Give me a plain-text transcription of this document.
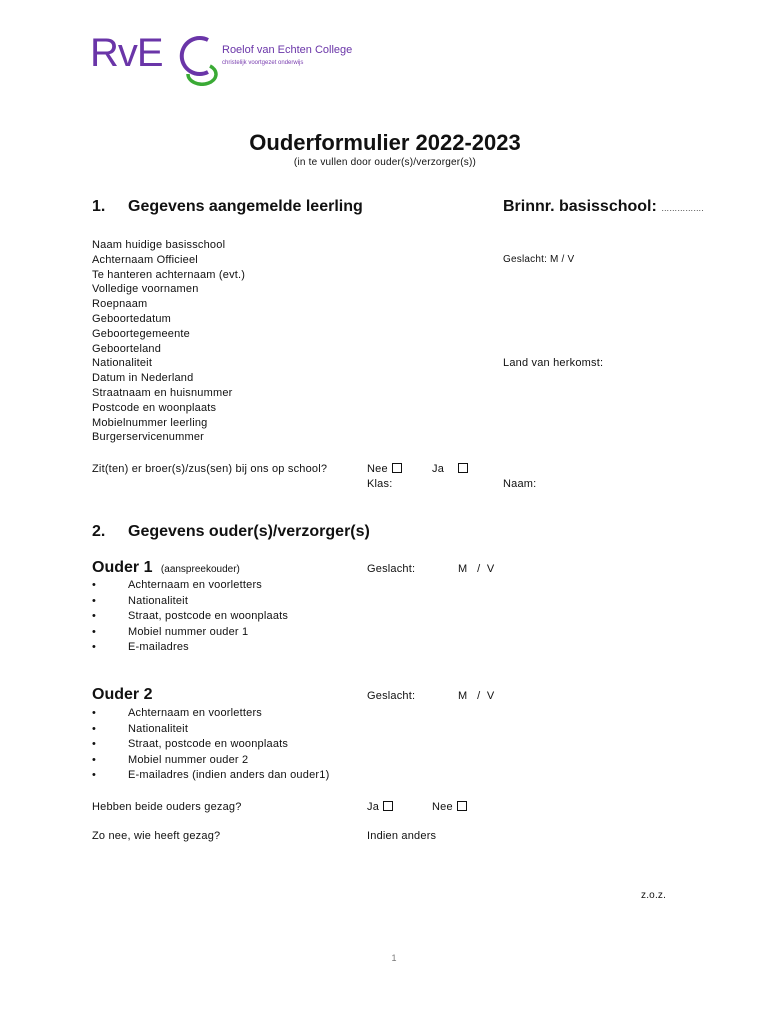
RvE	Roelof van Echten College
christelijk voortgezet onderwijs
Ouderformulier 2022-2023
(in te vullen door ouder(s)/verzorger(s))
1. Gegevens aangemelde leerling	Brinnr. basisschool: …………….
Naam huidige basisschool
Achternaam Officieel
Te hanteren achternaam (evt.)
Volledige voornamen
Roepnaam
Geboortedatum
Geboortegemeente
Geboorteland
Nationaliteit
Datum in Nederland
Straatnaam en huisnummer
Postcode en woonplaats
Mobielnummer leerling
Burgerservicenummer
Geslacht: M / V
Land van herkomst:
Zit(ten) er broer(s)/zus(sen) bij ons op school?	Nee	Ja
Klas:	Naam:
2. Gegevens ouder(s)/verzorger(s)
Ouder 1 (aanspreekouder)	Geslacht:	M   /  V
•	Achternaam en voorletters
•	Nationaliteit
•	Straat, postcode en woonplaats
•	Mobiel nummer ouder 1
•	E-mailadres
Ouder 2	Geslacht:	M   /  V
•	Achternaam en voorletters
•	Nationaliteit
•	Straat, postcode en woonplaats
•	Mobiel nummer ouder 2
•	E-mailadres (indien anders dan ouder1)
Hebben beide ouders gezag?	Ja	Nee
Zo nee, wie heeft gezag?	Indien anders
z.o.z.
1
